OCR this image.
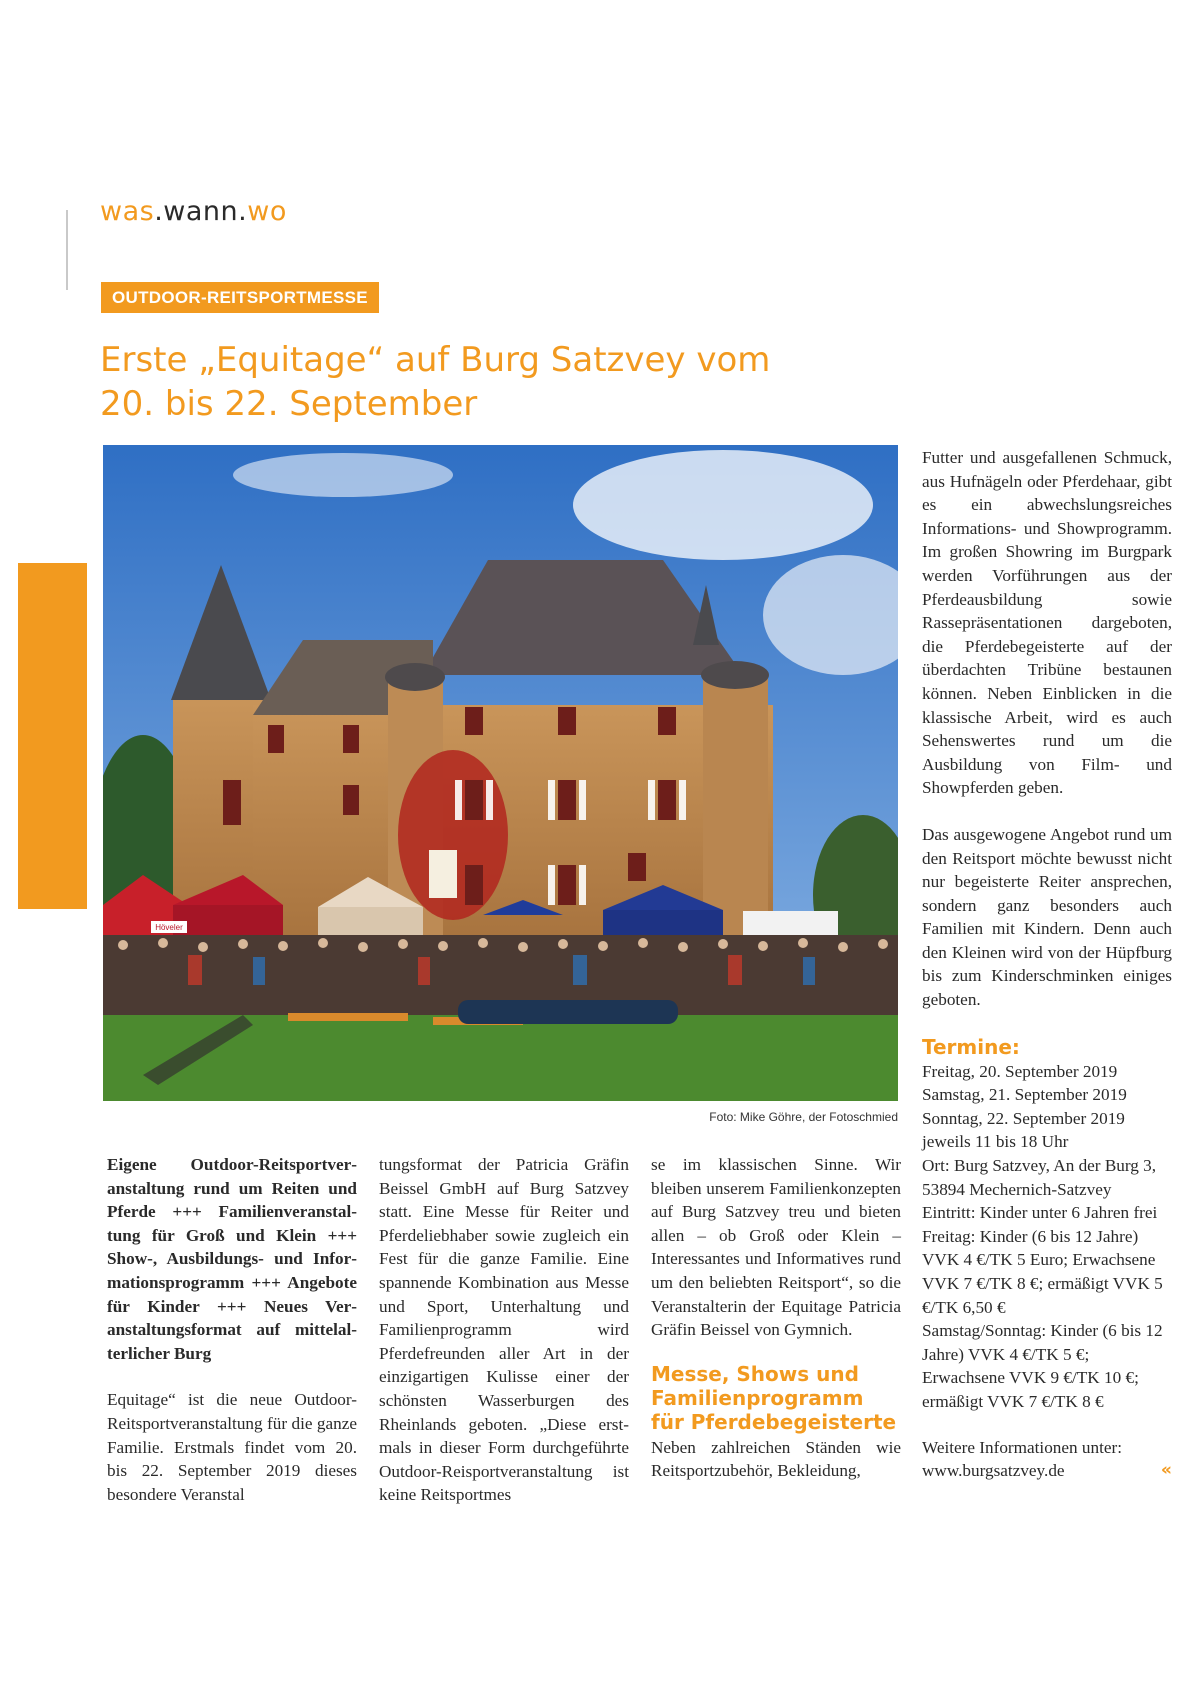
was.wann.wo
OUTDOOR-REITSPORTMESSE
Erste „Equitage“ auf Burg Satzvey vom 20. bis 22. September
Höveler
Foto: Mike Göhre, der Fotoschmied

Eigene Outdoor-Reitsportveranstaltung rund um Reiten und Pferde +++ Familienveranstaltung für Groß und Klein +++ Show-, Ausbildungs- und Informationsprogramm +++ Angebote für Kinder +++ Neues Veranstaltungsformat auf mittelalterlicher Burg

Equitage“ ist die neue Outdoor-Reitsportveranstaltung für die ganze Familie. Erstmals findet vom 20. bis 22. September 2019 dieses besondere Veranstal

tungsformat der Patricia Gräfin Beissel GmbH auf Burg Satzvey statt. Eine Messe für Reiter und Pferdeliebhaber sowie zugleich ein Fest für die ganze Familie. Eine spannende Kombination aus Messe und Sport, Unterhaltung und Familienprogramm wird Pferdefreunden aller Art in der einzigartigen Kulisse einer der schönsten Wasserburgen des Rheinlands geboten. „Diese erstmals in dieser Form durchgeführte Outdoor-Reisportveranstaltung ist keine Reitsportmes

se im klassischen Sinne. Wir bleiben unserem Familienkonzepten auf Burg Satzvey treu und bieten allen – ob Groß oder Klein – Interessantes und Informatives rund um den beliebten Reitsport“, so die Veranstalterin der Equitage Patricia Gräfin Beissel von Gymnich.

Messe, Shows und Familienprogramm für Pferdebegeisterte

Neben zahlreichen Ständen wie Reitsportzubehör, Bekleidung,

Futter und ausgefallenen Schmuck, aus Hufnägeln oder Pferdehaar, gibt es ein abwechslungsreiches Informations- und Showprogramm. Im großen Showring im Burgpark werden Vorführungen aus der Pferdeausbildung sowie Rassepräsentationen dargeboten, die Pferdebegeisterte auf der überdachten Tribüne bestaunen können. Neben Einblicken in die klassische Arbeit, wird es auch Sehenswertes rund um die Ausbildung von Film- und Showpferden geben.

Das ausgewogene Angebot rund um den Reitsport möchte bewusst nicht nur begeisterte Reiter ansprechen, sondern ganz besonders auch Familien mit Kindern. Denn auch den Kleinen wird von der Hüpfburg bis zum Kinderschminken einiges geboten.

Termine:

Freitag, 20. September 2019

Samstag, 21. September 2019

Sonntag, 22. September 2019

jeweils 11 bis 18 Uhr

Ort: Burg Satzvey, An der Burg 3, 53894 Mechernich-Satzvey

Eintritt: Kinder unter 6 Jahren frei

Freitag: Kinder (6 bis 12 Jahre) VVK 4 €/TK 5 Euro; Erwachsene VVK 7 €/TK 8 €; ermäßigt VVK 5 €/TK 6,50 €

Samstag/Sonntag: Kinder (6 bis 12 Jahre) VVK 4 €/TK 5 €; Erwachsene VVK 9 €/TK 10 €; ermäßigt VVK 7 €/TK 8 €

Weitere Informationen unter:
www.burgsatzvey.de	«
